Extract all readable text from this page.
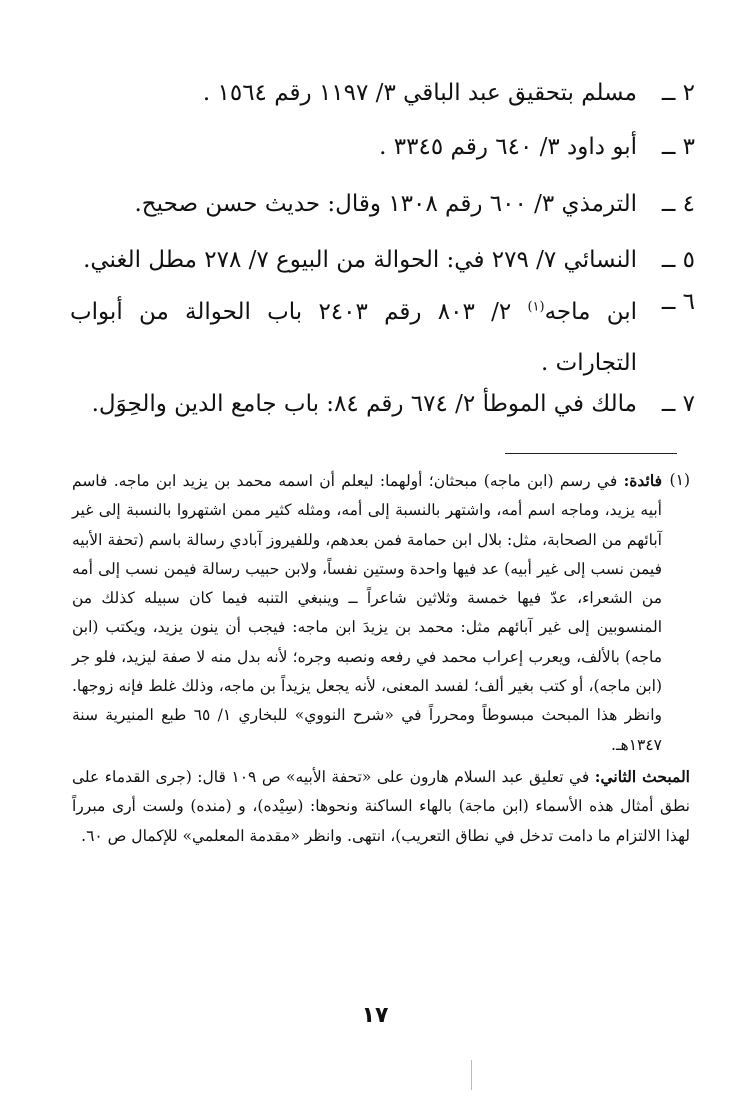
٢ ــ
مسلم بتحقيق عبد الباقي ٣/ ١١٩٧ رقم ١٥٦٤ .
٣ ــ
أبو داود ٣/ ٦٤٠ رقم ٣٣٤٥ .
٤ ــ
الترمذي ٣/ ٦٠٠ رقم ١٣٠٨ وقال: حديث حسن صحيح.
٥ ــ
النسائي ٧/ ٢٧٩ في: الحوالة من البيوع ٧/ ٢٧٨ مطل الغني.
٦ ــ
ابن ماجه$^{(١)}$ ٢/ ٨٠٣ رقم ٢٤٠٣ باب الحوالة من أبواب التجارات .
٧ ــ
مالك في الموطأ ٢/ ٦٧٤ رقم ٨٤: باب جامع الدين والحِوَل.
(١)
فائدة: في رسم (ابن ماجه) مبحثان؛ أولهما: ليعلم أن اسمه محمد بن يزيد ابن ماجه. فاسم أبيه يزيد، وماجه اسم أمه، واشتهر بالنسبة إلى أمه، ومثله كثير ممن اشتهروا بالنسبة إلى غير آبائهم من الصحابة، مثل: بلال ابن حمامة فمن بعدهم، وللفيروز آبادي رسالة باسم (تحفة الأبيه فيمن نسب إلى غير أبيه) عد فيها واحدة وستين نفساً، ولابن حبيب رسالة فيمن نسب إلى أمه من الشعراء، عدّ فيها خمسة وثلاثين شاعراً ــ وينبغي التنبه فيما كان سبيله كذلك من المنسوبين إلى غير آبائهم مثل: محمد بن يزيدَ ابن ماجه: فيجب أن ينون يزيد، ويكتب (ابن ماجه) بالألف، ويعرب إعراب محمد في رفعه ونصبه وجره؛ لأنه بدل منه لا صفة ليزيد، فلو جر (ابن ماجه)، أو كتب بغير ألف؛ لفسد المعنى، لأنه يجعل يزيداً بن ماجه، وذلك غلط فإنه زوجها. وانظر هذا المبحث مبسوطاً ومحرراً في «شرح النووي» للبخاري ١/ ٦٥ طبع المنيرية سنة ١٣٤٧هـ.
المبحث الثاني: في تعليق عبد السلام هارون على «تحفة الأبيه» ص ١٠٩ قال: (جرى القدماء على نطق أمثال هذه الأسماء (ابن ماجة) بالهاء الساكنة ونحوها: (سِيْده)، و (منده) ولست أرى مبرراً لهذا الالتزام ما دامت تدخل في نطاق التعريب)، انتهى. وانظر «مقدمة المعلمي» للإكمال ص ٦٠.
١٧
